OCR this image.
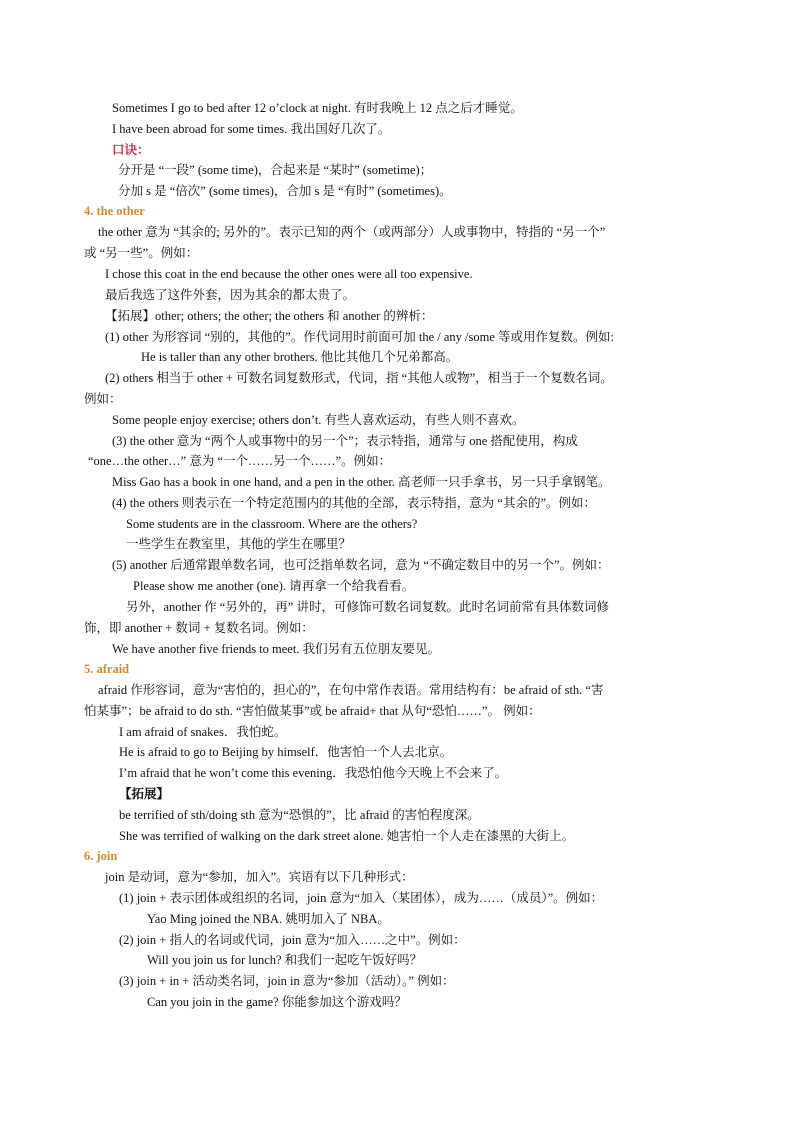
Sometimes I go to bed after 12 o’clock at night. 有时我晚上 12 点之后才睡觉。
I have been abroad for some times. 我出国好几次了。
口诀：
分开是 “一段” (some time)，合起来是 “某时” (sometime)；
分加 s 是 “倍次” (some times)，合加 s 是 “有时” (sometimes)。
4. the other
the other 意为 “其余的; 另外的”。表示已知的两个（或两部分）人或事物中，特指的 “另一个”
或 “另一些”。例如：
I chose this coat in the end because the other ones were all too expensive.
最后我选了这件外套，因为其余的都太贵了。
【拓展】other; others; the other; the others 和 another 的辨析：
(1) other 为形容词 “别的，其他的”。作代词用时前面可加 the / any /some 等或用作复数。例如:
He is taller than any other brothers. 他比其他几个兄弟都高。
(2) others 相当于 other + 可数名词复数形式，代词，指 “其他人或物”，相当于一个复数名词。
例如：
Some people enjoy exercise; others don’t. 有些人喜欢运动，有些人则不喜欢。
(3) the other 意为 “两个人或事物中的另一个”；表示特指，通常与 one 搭配使用，构成
“one…the other…” 意为 “一个……另一个……”。例如：
Miss Gao has a book in one hand, and a pen in the other. 高老师一只手拿书，另一只手拿钢笔。
(4) the others 则表示在一个特定范围内的其他的全部，表示特指，意为 “其余的”。例如：
Some students are in the classroom. Where are the others?
一些学生在教室里，其他的学生在哪里？
(5) another 后通常跟单数名词，也可泛指单数名词，意为 “不确定数目中的另一个”。例如：
Please show me another (one). 请再拿一个给我看看。
另外，another 作 “另外的，再” 讲时，可修饰可数名词复数。此时名词前常有具体数词修
饰，即 another + 数词 + 复数名词。例如：
We have another five friends to meet. 我们另有五位朋友要见。
5. afraid
afraid 作形容词，意为“害怕的，担心的”，在句中常作表语。常用结构有：be afraid of sth. “害
怕某事”；be afraid to do sth. “害怕做某事”或 be afraid+ that 从句“恐怕……”。 例如：
I am afraid of snakes．我怕蛇。
He is afraid to go to Beijing by himself．他害怕一个人去北京。
I’m afraid that he won’t come this evening．我恐怕他今天晚上不会来了。
【拓展】
be terrified of sth/doing sth 意为“恐惧的”，比 afraid 的害怕程度深。
She was terrified of walking on the dark street alone. 她害怕一个人走在漆黑的大街上。
6. join
join 是动词，意为“参加，加入”。宾语有以下几种形式：
(1) join + 表示团体或组织的名词，join 意为“加入（某团体），成为……（成员）”。例如：
Yao Ming joined the NBA. 姚明加入了 NBA。
(2) join + 指人的名词或代词，join 意为“加入……之中”。例如：
Will you join us for lunch? 和我们一起吃午饭好吗？
(3) join + in + 活动类名词，join in 意为“参加（活动）。” 例如：
Can you join in the game? 你能参加这个游戏吗？
